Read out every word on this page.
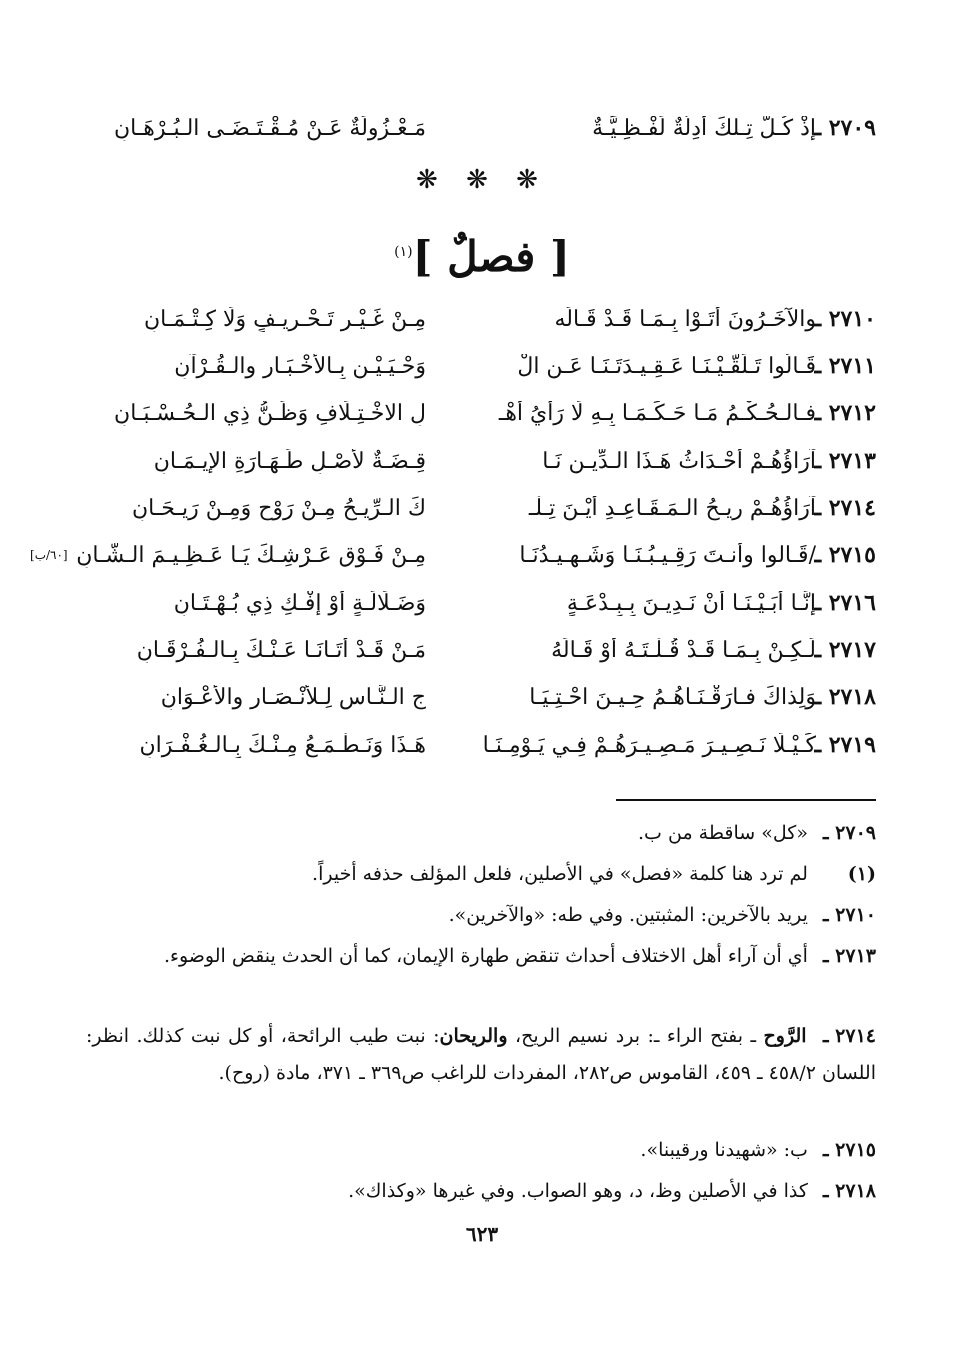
٢٧٠٩ ـ
إذْ كُـلُّ تِـلكَ أدِلَّةٌ لَفْـظِـيَّـةٌ
مَـعْـزُولَةٌ عَـنْ مُـقْـتَـضَـى الـبُـرْهَـانِ
❋ ❋ ❋
[ فصلٌ ]$^{(١)}$
٢٧١٠ ـ
والآخَـرُونَ أَتَـوْا بِـمَـا قَـدْ قَـالَه
مِـنْ غَـيْـرِ تَـحْـرِيـفٍ وَلَا كِـتْـمَـانِ
٢٧١١ ـ
قَـالُوا تَـلَقَّـيْـنَـا عَـقِـيـدَتَـنَـا عَـنِ الْ
وَحْـيَـيْـنِ بِـالأَخْـبَـارِ والـقُـرْآنِ
٢٧١٢ ـ
فـالـحُـكْـمُ مَـا حَـكَـمَـا بِـهِ لَا رَأْيُ أَهْـ
لِ الاخْـتِـلَافِ وَظَـنُّ ذِي الـحُـسْـبَـانِ
٢٧١٣ ـ
آرَاؤُهُـمْ أَحْـدَاثُ هَـذَا الـدِّيـنِ نَـا
قِـضَـةٌ لأَصْـلِ طَـهَـارَةِ الإيـمَـانِ
٢٧١٤ ـ
آرَاؤُهُـمْ رِيـحُ الـمَـقَـاعِـدِ أيْـنَ تِـلْـ
كَ الـرِّيـحُ مِـنْ رَوْحٍ وَمِـنْ رَيـحَـانِ
٢٧١٥ ـ
/قَـالوا وأنـتَ رَقِـيـبُـنَـا وَشَـهِـيـدُنَـا
مِـنْ فَـوْقِ عَـرْشِـكَ يَـا عَـظِـيـمَ الـشَّـانِ
[٦٠/ب]
٢٧١٦ ـ
إنَّـا أَبَـيْـنَـا أنْ نَـدِيـنَ بِـبِـدْعَـةٍ
وَضَـلَالَـةٍ أَوْ إِفْـكِ ذِي بُـهْـتَـانِ
٢٧١٧ ـ
لَـكِـنْ بِـمَـا قَـدْ قُـلْـتَـهُ أَوْ قَـالَهُ
مَـنْ قَـدْ أَتَـانَـا عَـنْـكَ بِـالـفُـرْقَـانِ
٢٧١٨ ـ
وَلِذاكَ فـارَقْـنَـاهُـمُ حِـيـنَ احْـتِـيَـا
جِ الـنَّـاسِ لِـلأَنْـصَـارِ والأعْـوَانِ
٢٧١٩ ـ
كَـيْـلَا نَـصِـيـرَ مَـصِـيـرَهُـمْ فِـي يَـوْمِـنَـا
هَـذَا وَنَـطْـمَـعُ مِـنْـكَ بِـالـغُـفْـرَانِ
٢٧٠٩ ـ «كل» ساقطة من ب.
(١) لم ترد هنا كلمة «فصل» في الأصلين، فلعل المؤلف حذفه أخيراً.
٢٧١٠ ـ يريد بالآخرين: المثبتين. وفي طه: «والآخرين».
٢٧١٣ ـ أي أن آراء أهل الاختلاف أحداث تنقض طهارة الإيمان، كما أن الحدث ينقض الوضوء.
٢٧١٤ ـ الرَّوح ـ بفتح الراء ـ: برد نسيم الريح، والريحان: نبت طيب الرائحة، أو كل نبت كذلك. انظر: اللسان ٤٥٨/٢ ـ ٤٥٩، القاموس ص٢٨٢، المفردات للراغب ص٣٦٩ ـ ٣٧١، مادة (روح).
٢٧١٥ ـ ب: «شهيدنا ورقيبنا».
٢٧١٨ ـ كذا في الأصلين وظ، د، وهو الصواب. وفي غيرها «وكذاك».
٦٢٣
